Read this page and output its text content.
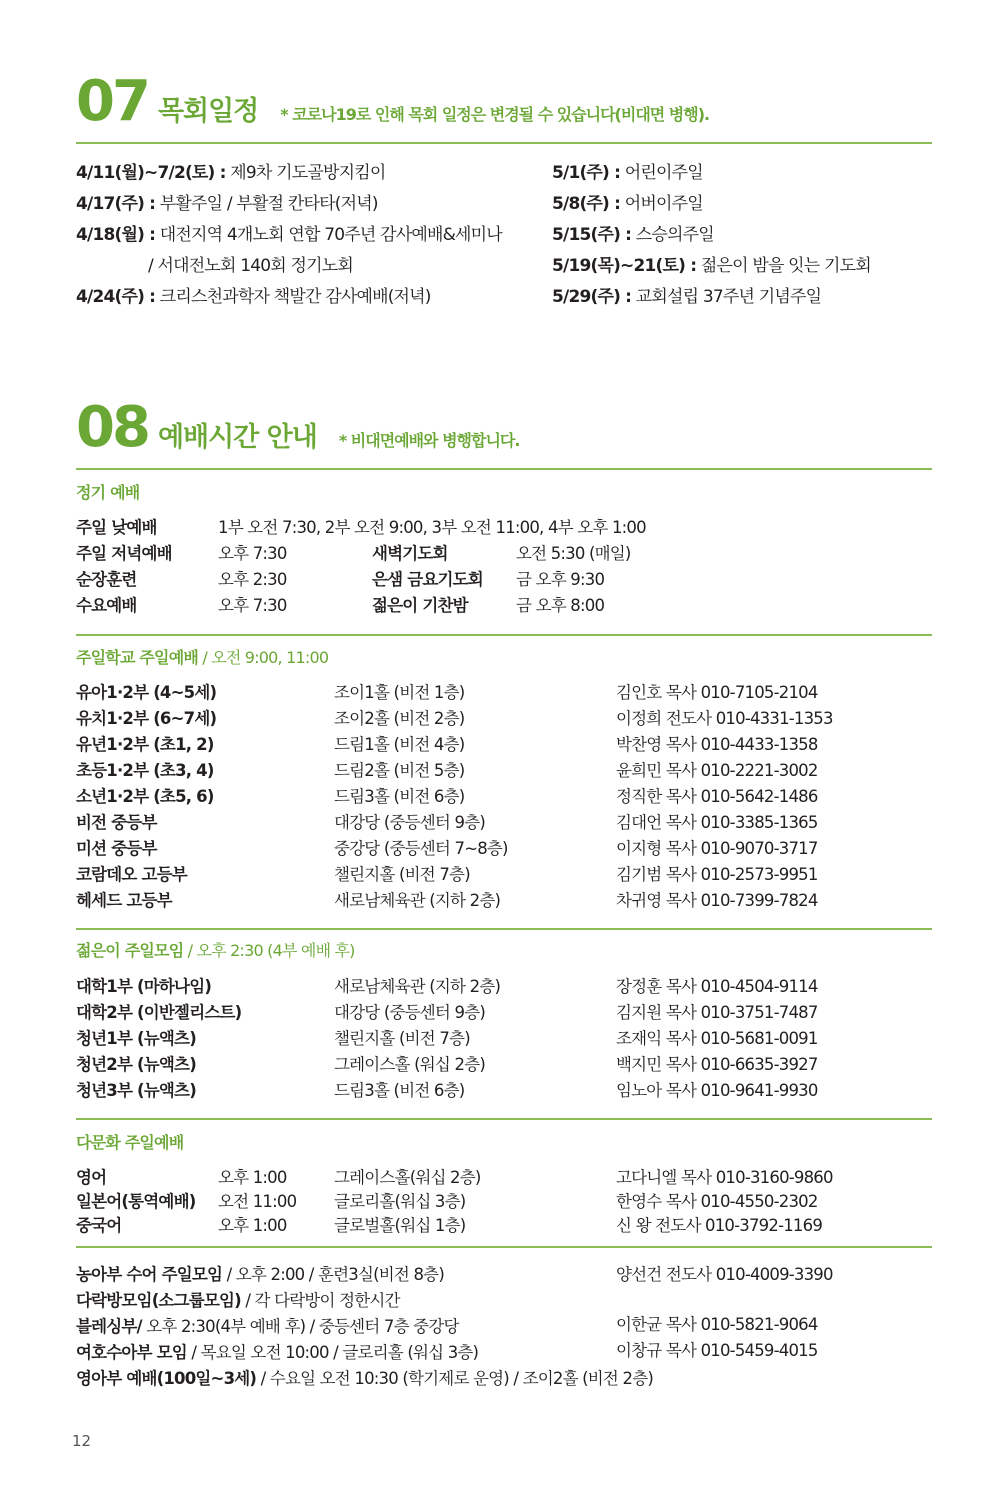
07 목회일정 * 코로나19로 인해 목회 일정은 변경될 수 있습니다(비대면 병행).
4/11(월)~7/2(토) : 제9차 기도골방지킴이
4/17(주) : 부활주일 / 부활절 칸타타(저녁)
4/18(월) : 대전지역 4개노회 연합 70주년 감사예배&세미나
/ 서대전노회 140회 정기노회
4/24(주) : 크리스천과학자 책발간 감사예배(저녁)
5/1(주) : 어린이주일
5/8(주) : 어버이주일
5/15(주) : 스승의주일
5/19(목)~21(토) : 젊은이 밤을 잇는 기도회
5/29(주) : 교회설립 37주년 기념주일
08 예배시간 안내 * 비대면예배와 병행합니다.
정기 예배
주일 낮예배	1부 오전 7:30, 2부 오전 9:00, 3부 오전 11:00, 4부 오후 1:00
주일 저녁예배	오후 7:30	새벽기도회	오전 5:30 (매일)
순장훈련	오후 2:30	은샘 금요기도회 금 오후 9:30
수요예배	오후 7:30	젊은이 기찬밤	금 오후 8:00
주일학교 주일예배 / 오전 9:00, 11:00
유아1·2부 (4~5세)	조이1홀 (비전 1층)	김인호 목사 010-7105-2104
유치1·2부 (6~7세)	조이2홀 (비전 2층)	이정희 전도사 010-4331-1353
유년1·2부 (초1, 2)	드림1홀 (비전 4층)	박찬영 목사 010-4433-1358
초등1·2부 (초3, 4)	드림2홀 (비전 5층)	윤희민 목사 010-2221-3002
소년1·2부 (초5, 6)	드림3홀 (비전 6층)	정직한 목사 010-5642-1486
비전 중등부	대강당 (중등센터 9층)	김대언 목사 010-3385-1365
미션 중등부	중강당 (중등센터 7~8층)	이지형 목사 010-9070-3717
코람데오 고등부	챌린지홀 (비전 7층)	김기범 목사 010-2573-9951
헤세드 고등부	새로남체육관 (지하 2층)	차귀영 목사 010-7399-7824
젊은이 주일모임 / 오후 2:30 (4부 예배 후)
대학1부 (마하나임)	새로남체육관 (지하 2층)	장정훈 목사 010-4504-9114
대학2부 (이반젤리스트)	대강당 (중등센터 9층)	김지원 목사 010-3751-7487
청년1부 (뉴액츠)	챌린지홀 (비전 7층)	조재익 목사 010-5681-0091
청년2부 (뉴액츠)	그레이스홀 (워십 2층)	백지민 목사 010-6635-3927
청년3부 (뉴액츠)	드림3홀 (비전 6층)	임노아 목사 010-9641-9930
다문화 주일예배
영어	오후 1:00	그레이스홀(워십 2층)	고다니엘 목사 010-3160-9860
일본어(통역예배) 오전 11:00 글로리홀(워십 3층)	한영수 목사 010-4550-2302
중국어	오후 1:00	글로벌홀(워십 1층)	신 왕 전도사 010-3792-1169
농아부 수어 주일모임 / 오후 2:00 / 훈련3실(비전 8층)	양선건 전도사 010-4009-3390
다락방모임(소그룹모임) / 각 다락방이 정한시간
블레싱부/ 오후 2:30(4부 예배 후) / 중등센터 7층 중강당	이한균 목사 010-5821-9064
여호수아부 모임 / 목요일 오전 10:00 / 글로리홀 (워십 3층)	이창규 목사 010-5459-4015
영아부 예배(100일~3세) / 수요일 오전 10:30 (학기제로 운영) / 조이2홀 (비전 2층)
12
